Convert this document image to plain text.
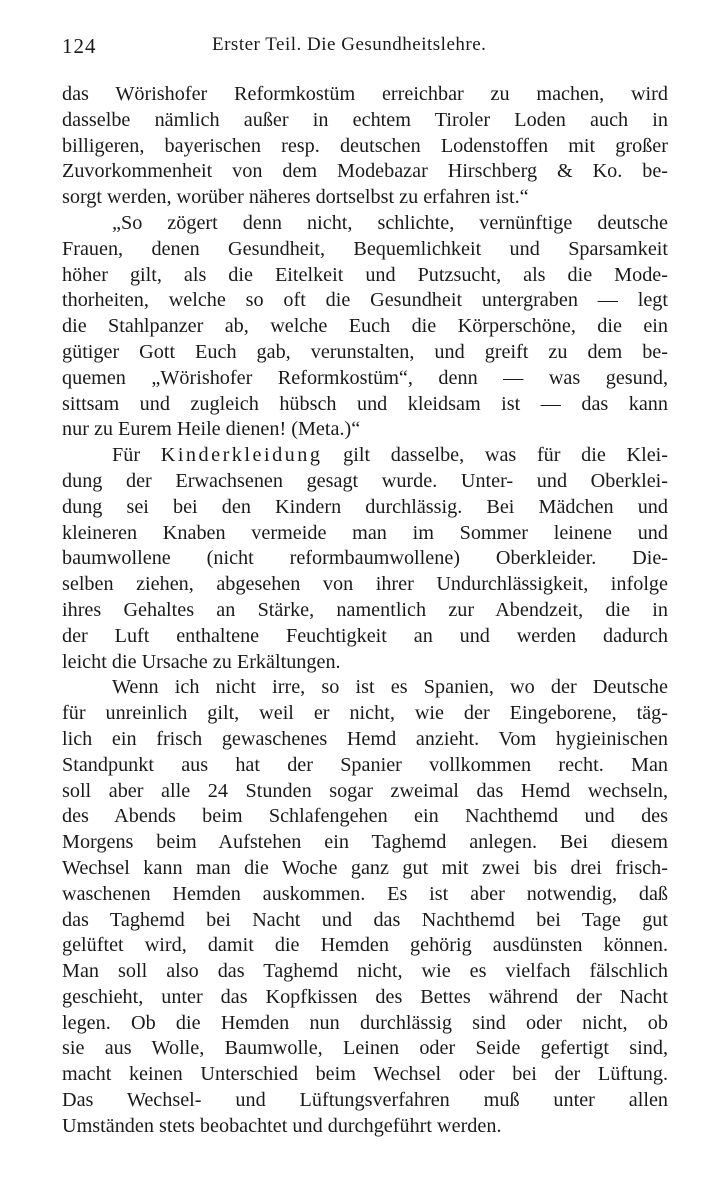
124	Erster Teil. Die Gesundheitslehre.
das Wörishofer Reformkostüm erreichbar zu machen, wird
dasselbe nämlich außer in echtem Tiroler Loden auch in
billigeren, bayerischen resp. deutschen Lodenstoffen mit großer
Zuvorkommenheit von dem Modebazar Hirschberg & Ko. be-
sorgt werden, worüber näheres dortselbst zu erfahren ist.“
„So zögert denn nicht, schlichte, vernünftige deutsche
Frauen, denen Gesundheit, Bequemlichkeit und Sparsamkeit
höher gilt, als die Eitelkeit und Putzsucht, als die Mode-
thorheiten, welche so oft die Gesundheit untergraben — legt
die Stahlpanzer ab, welche Euch die Körperschöne, die ein
gütiger Gott Euch gab, verunstalten, und greift zu dem be-
quemen „Wörishofer Reformkostüm“, denn — was gesund,
sittsam und zugleich hübsch und kleidsam ist — das kann
nur zu Eurem Heile dienen! (Meta.)“
Für Kinderkleidung gilt dasselbe, was für die Klei-
dung der Erwachsenen gesagt wurde. Unter- und Oberklei-
dung sei bei den Kindern durchlässig. Bei Mädchen und
kleineren Knaben vermeide man im Sommer leinene und
baumwollene (nicht reformbaumwollene) Oberkleider. Die-
selben ziehen, abgesehen von ihrer Undurchlässigkeit, infolge
ihres Gehaltes an Stärke, namentlich zur Abendzeit, die in
der Luft enthaltene Feuchtigkeit an und werden dadurch
leicht die Ursache zu Erkältungen.
Wenn ich nicht irre, so ist es Spanien, wo der Deutsche
für unreinlich gilt, weil er nicht, wie der Eingeborene, täg-
lich ein frisch gewaschenes Hemd anzieht. Vom hygieinischen
Standpunkt aus hat der Spanier vollkommen recht. Man
soll aber alle 24 Stunden sogar zweimal das Hemd wechseln,
des Abends beim Schlafengehen ein Nachthemd und des
Morgens beim Aufstehen ein Taghemd anlegen. Bei diesem
Wechsel kann man die Woche ganz gut mit zwei bis drei frisch-
waschenen Hemden auskommen. Es ist aber notwendig, daß
das Taghemd bei Nacht und das Nachthemd bei Tage gut
gelüftet wird, damit die Hemden gehörig ausdünsten können.
Man soll also das Taghemd nicht, wie es vielfach fälschlich
geschieht, unter das Kopfkissen des Bettes während der Nacht
legen. Ob die Hemden nun durchlässig sind oder nicht, ob
sie aus Wolle, Baumwolle, Leinen oder Seide gefertigt sind,
macht keinen Unterschied beim Wechsel oder bei der Lüftung.
Das Wechsel- und Lüftungsverfahren muß unter allen
Umständen stets beobachtet und durchgeführt werden.
